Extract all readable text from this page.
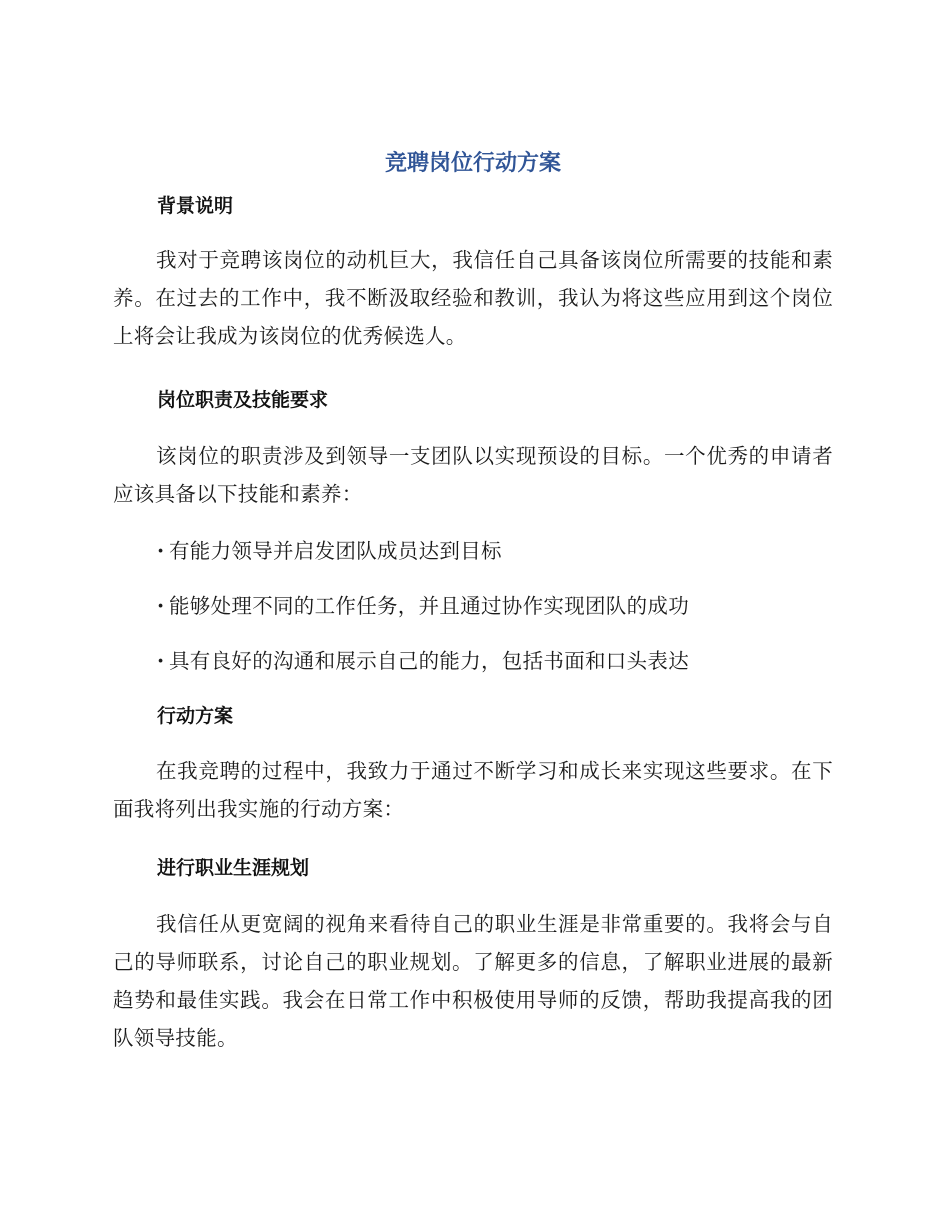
竞聘岗位行动方案
背景说明

我对于竞聘该岗位的动机巨大，我信任自己具备该岗位所需要的技能和素养。在过去的工作中，我不断汲取经验和教训，我认为将这些应用到这个岗位上将会让我成为该岗位的优秀候选人。

岗位职责及技能要求

该岗位的职责涉及到领导一支团队以实现预设的目标。一个优秀的申请者应该具备以下技能和素养：

· 有能力领导并启发团队成员达到目标

· 能够处理不同的工作任务，并且通过协作实现团队的成功

· 具有良好的沟通和展示自己的能力，包括书面和口头表达

行动方案

在我竞聘的过程中，我致力于通过不断学习和成长来实现这些要求。在下面我将列出我实施的行动方案：

进行职业生涯规划

我信任从更宽阔的视角来看待自己的职业生涯是非常重要的。我将会与自己的导师联系，讨论自己的职业规划。了解更多的信息，了解职业进展的最新趋势和最佳实践。我会在日常工作中积极使用导师的反馈，帮助我提高我的团队领导技能。
